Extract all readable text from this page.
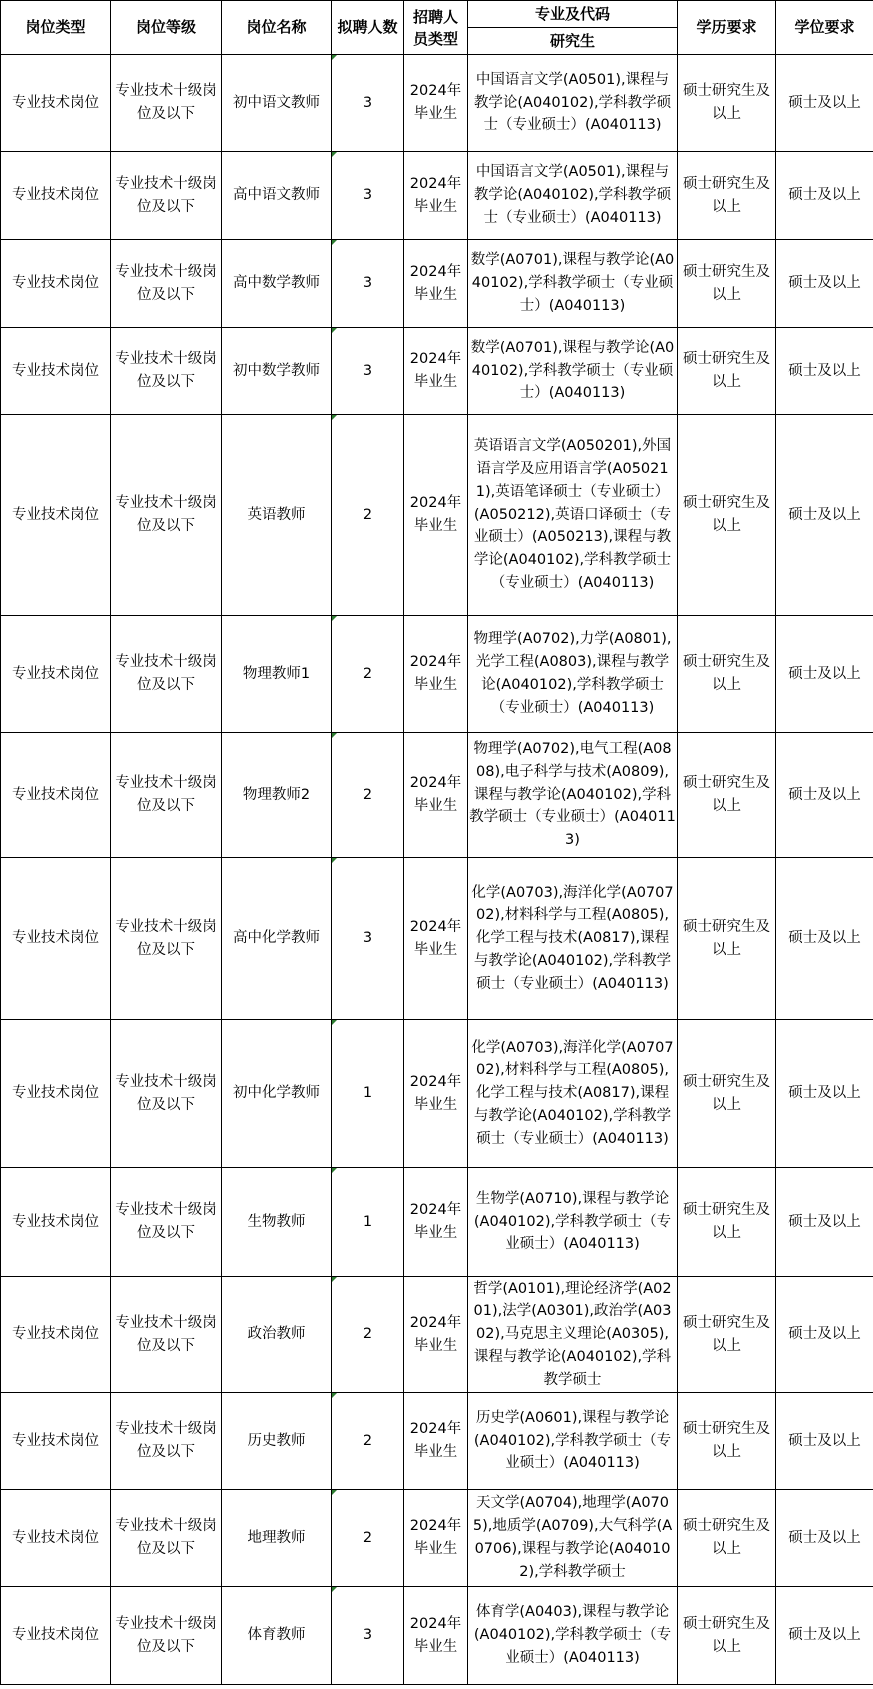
岗位类型	岗位等级	岗位名称	拟聘人数	招聘人员类型	专业及代码	学历要求	学位要求
					研究生		
专业技术岗位	专业技术十级岗位及以下	初中语文教师	3	2024年毕业生	中国语言文学(A0501),课程与教学论(A040102),学科教学硕士（专业硕士）(A040113)	硕士研究生及以上	硕士及以上
专业技术岗位	专业技术十级岗位及以下	高中语文教师	3	2024年毕业生	中国语言文学(A0501),课程与教学论(A040102),学科教学硕士（专业硕士）(A040113)	硕士研究生及以上	硕士及以上
专业技术岗位	专业技术十级岗位及以下	高中数学教师	3	2024年毕业生	数学(A0701),课程与教学论(A040102),学科教学硕士（专业硕士）(A040113)	硕士研究生及以上	硕士及以上
专业技术岗位	专业技术十级岗位及以下	初中数学教师	3	2024年毕业生	数学(A0701),课程与教学论(A040102),学科教学硕士（专业硕士）(A040113)	硕士研究生及以上	硕士及以上
专业技术岗位	专业技术十级岗位及以下	英语教师	2	2024年毕业生	英语语言文学(A050201),外国语言学及应用语言学(A050211),英语笔译硕士（专业硕士）(A050212),英语口译硕士（专业硕士）(A050213),课程与教学论(A040102),学科教学硕士（专业硕士）(A040113)	硕士研究生及以上	硕士及以上
专业技术岗位	专业技术十级岗位及以下	物理教师1	2	2024年毕业生	物理学(A0702),力学(A0801),光学工程(A0803),课程与教学论(A040102),学科教学硕士（专业硕士）(A040113)	硕士研究生及以上	硕士及以上
专业技术岗位	专业技术十级岗位及以下	物理教师2	2	2024年毕业生	物理学(A0702),电气工程(A0808),电子科学与技术(A0809),课程与教学论(A040102),学科教学硕士（专业硕士）(A040113)	硕士研究生及以上	硕士及以上
专业技术岗位	专业技术十级岗位及以下	高中化学教师	3	2024年毕业生	化学(A0703),海洋化学(A070702),材料科学与工程(A0805),化学工程与技术(A0817),课程与教学论(A040102),学科教学硕士（专业硕士）(A040113)	硕士研究生及以上	硕士及以上
专业技术岗位	专业技术十级岗位及以下	初中化学教师	1	2024年毕业生	化学(A0703),海洋化学(A070702),材料科学与工程(A0805),化学工程与技术(A0817),课程与教学论(A040102),学科教学硕士（专业硕士）(A040113)	硕士研究生及以上	硕士及以上
专业技术岗位	专业技术十级岗位及以下	生物教师	1	2024年毕业生	生物学(A0710),课程与教学论(A040102),学科教学硕士（专业硕士）(A040113)	硕士研究生及以上	硕士及以上
专业技术岗位	专业技术十级岗位及以下	政治教师	2	2024年毕业生	哲学(A0101),理论经济学(A0201),法学(A0301),政治学(A0302),马克思主义理论(A0305),课程与教学论(A040102),学科教学硕士	硕士研究生及以上	硕士及以上
专业技术岗位	专业技术十级岗位及以下	历史教师	2	2024年毕业生	历史学(A0601),课程与教学论(A040102),学科教学硕士（专业硕士）(A040113)	硕士研究生及以上	硕士及以上
专业技术岗位	专业技术十级岗位及以下	地理教师	2	2024年毕业生	天文学(A0704),地理学(A0705),地质学(A0709),大气科学(A0706),课程与教学论(A040102),学科教学硕士	硕士研究生及以上	硕士及以上
专业技术岗位	专业技术十级岗位及以下	体育教师	3	2024年毕业生	体育学(A0403),课程与教学论(A040102),学科教学硕士（专业硕士）(A040113)	硕士研究生及以上	硕士及以上
